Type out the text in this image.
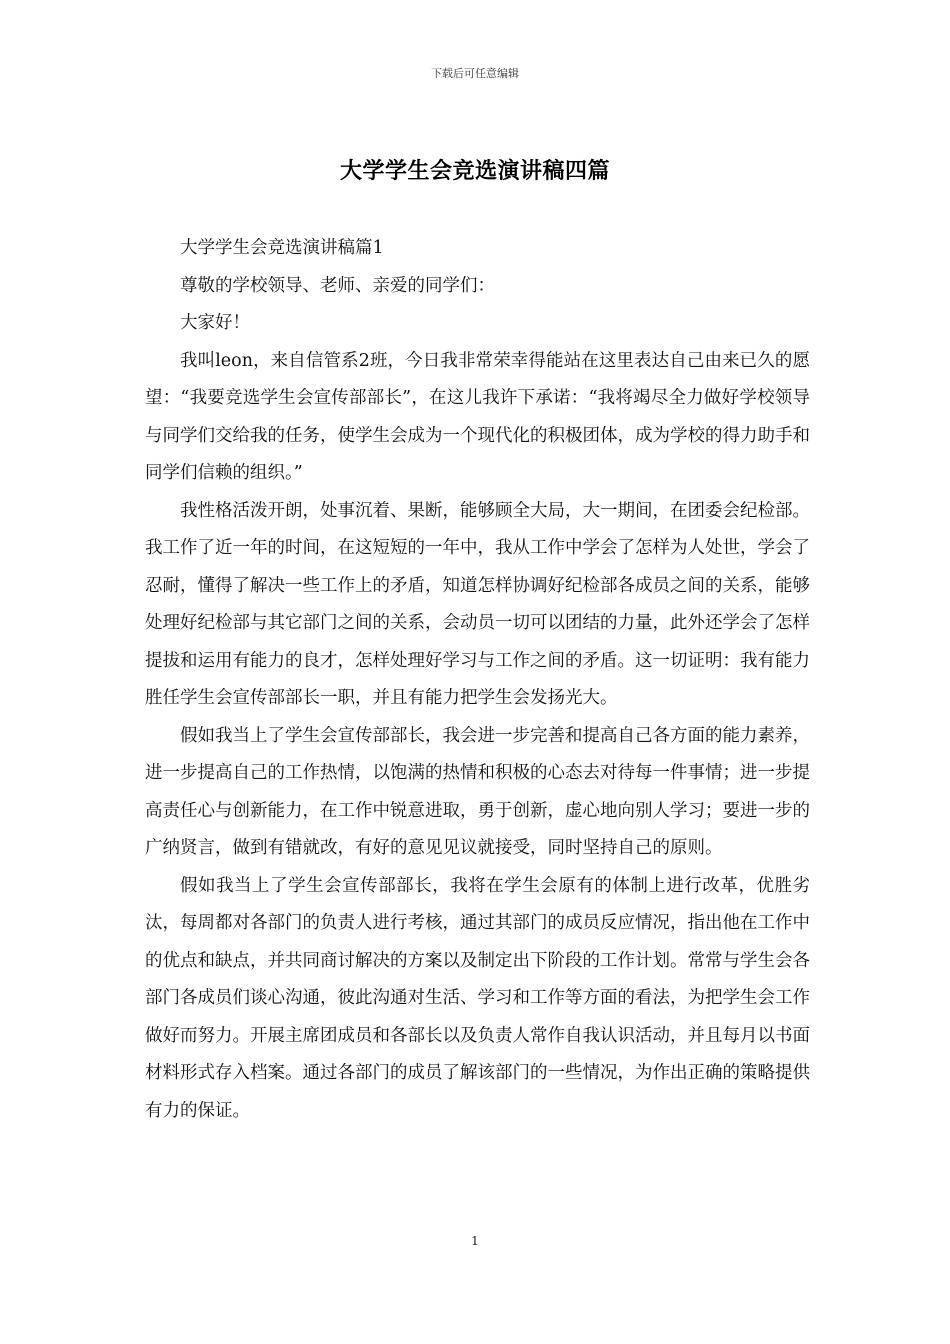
下载后可任意编辑
大学学生会竞选演讲稿四篇

大学学生会竞选演讲稿篇1

尊敬的学校领导、老师、亲爱的同学们：

大家好！

我叫leon，来自信管系2班，今日我非常荣幸得能站在这里表达自己由来已久的愿望：“我要竞选学生会宣传部部长”，在这儿我许下承诺：“我将竭尽全力做好学校领导与同学们交给我的任务，使学生会成为一个现代化的积极团体，成为学校的得力助手和同学们信赖的组织。”

我性格活泼开朗，处事沉着、果断，能够顾全大局，大一期间，在团委会纪检部。我工作了近一年的时间，在这短短的一年中，我从工作中学会了怎样为人处世，学会了忍耐，懂得了解决一些工作上的矛盾，知道怎样协调好纪检部各成员之间的关系，能够处理好纪检部与其它部门之间的关系，会动员一切可以团结的力量，此外还学会了怎样提拔和运用有能力的良才，怎样处理好学习与工作之间的矛盾。这一切证明：我有能力胜任学生会宣传部部长一职，并且有能力把学生会发扬光大。

假如我当上了学生会宣传部部长，我会进一步完善和提高自己各方面的能力素养，进一步提高自己的工作热情，以饱满的热情和积极的心态去对待每一件事情；进一步提高责任心与创新能力，在工作中锐意进取，勇于创新，虚心地向别人学习；要进一步的广纳贤言，做到有错就改，有好的意见见议就接受，同时坚持自己的原则。

假如我当上了学生会宣传部部长，我将在学生会原有的体制上进行改革，优胜劣汰，每周都对各部门的负责人进行考核，通过其部门的成员反应情况，指出他在工作中的优点和缺点，并共同商讨解决的方案以及制定出下阶段的工作计划。常常与学生会各部门各成员们谈心沟通，彼此沟通对生活、学习和工作等方面的看法，为把学生会工作做好而努力。开展主席团成员和各部长以及负责人常作自我认识活动，并且每月以书面材料形式存入档案。通过各部门的成员了解该部门的一些情况，为作出正确的策略提供有力的保证。

1
